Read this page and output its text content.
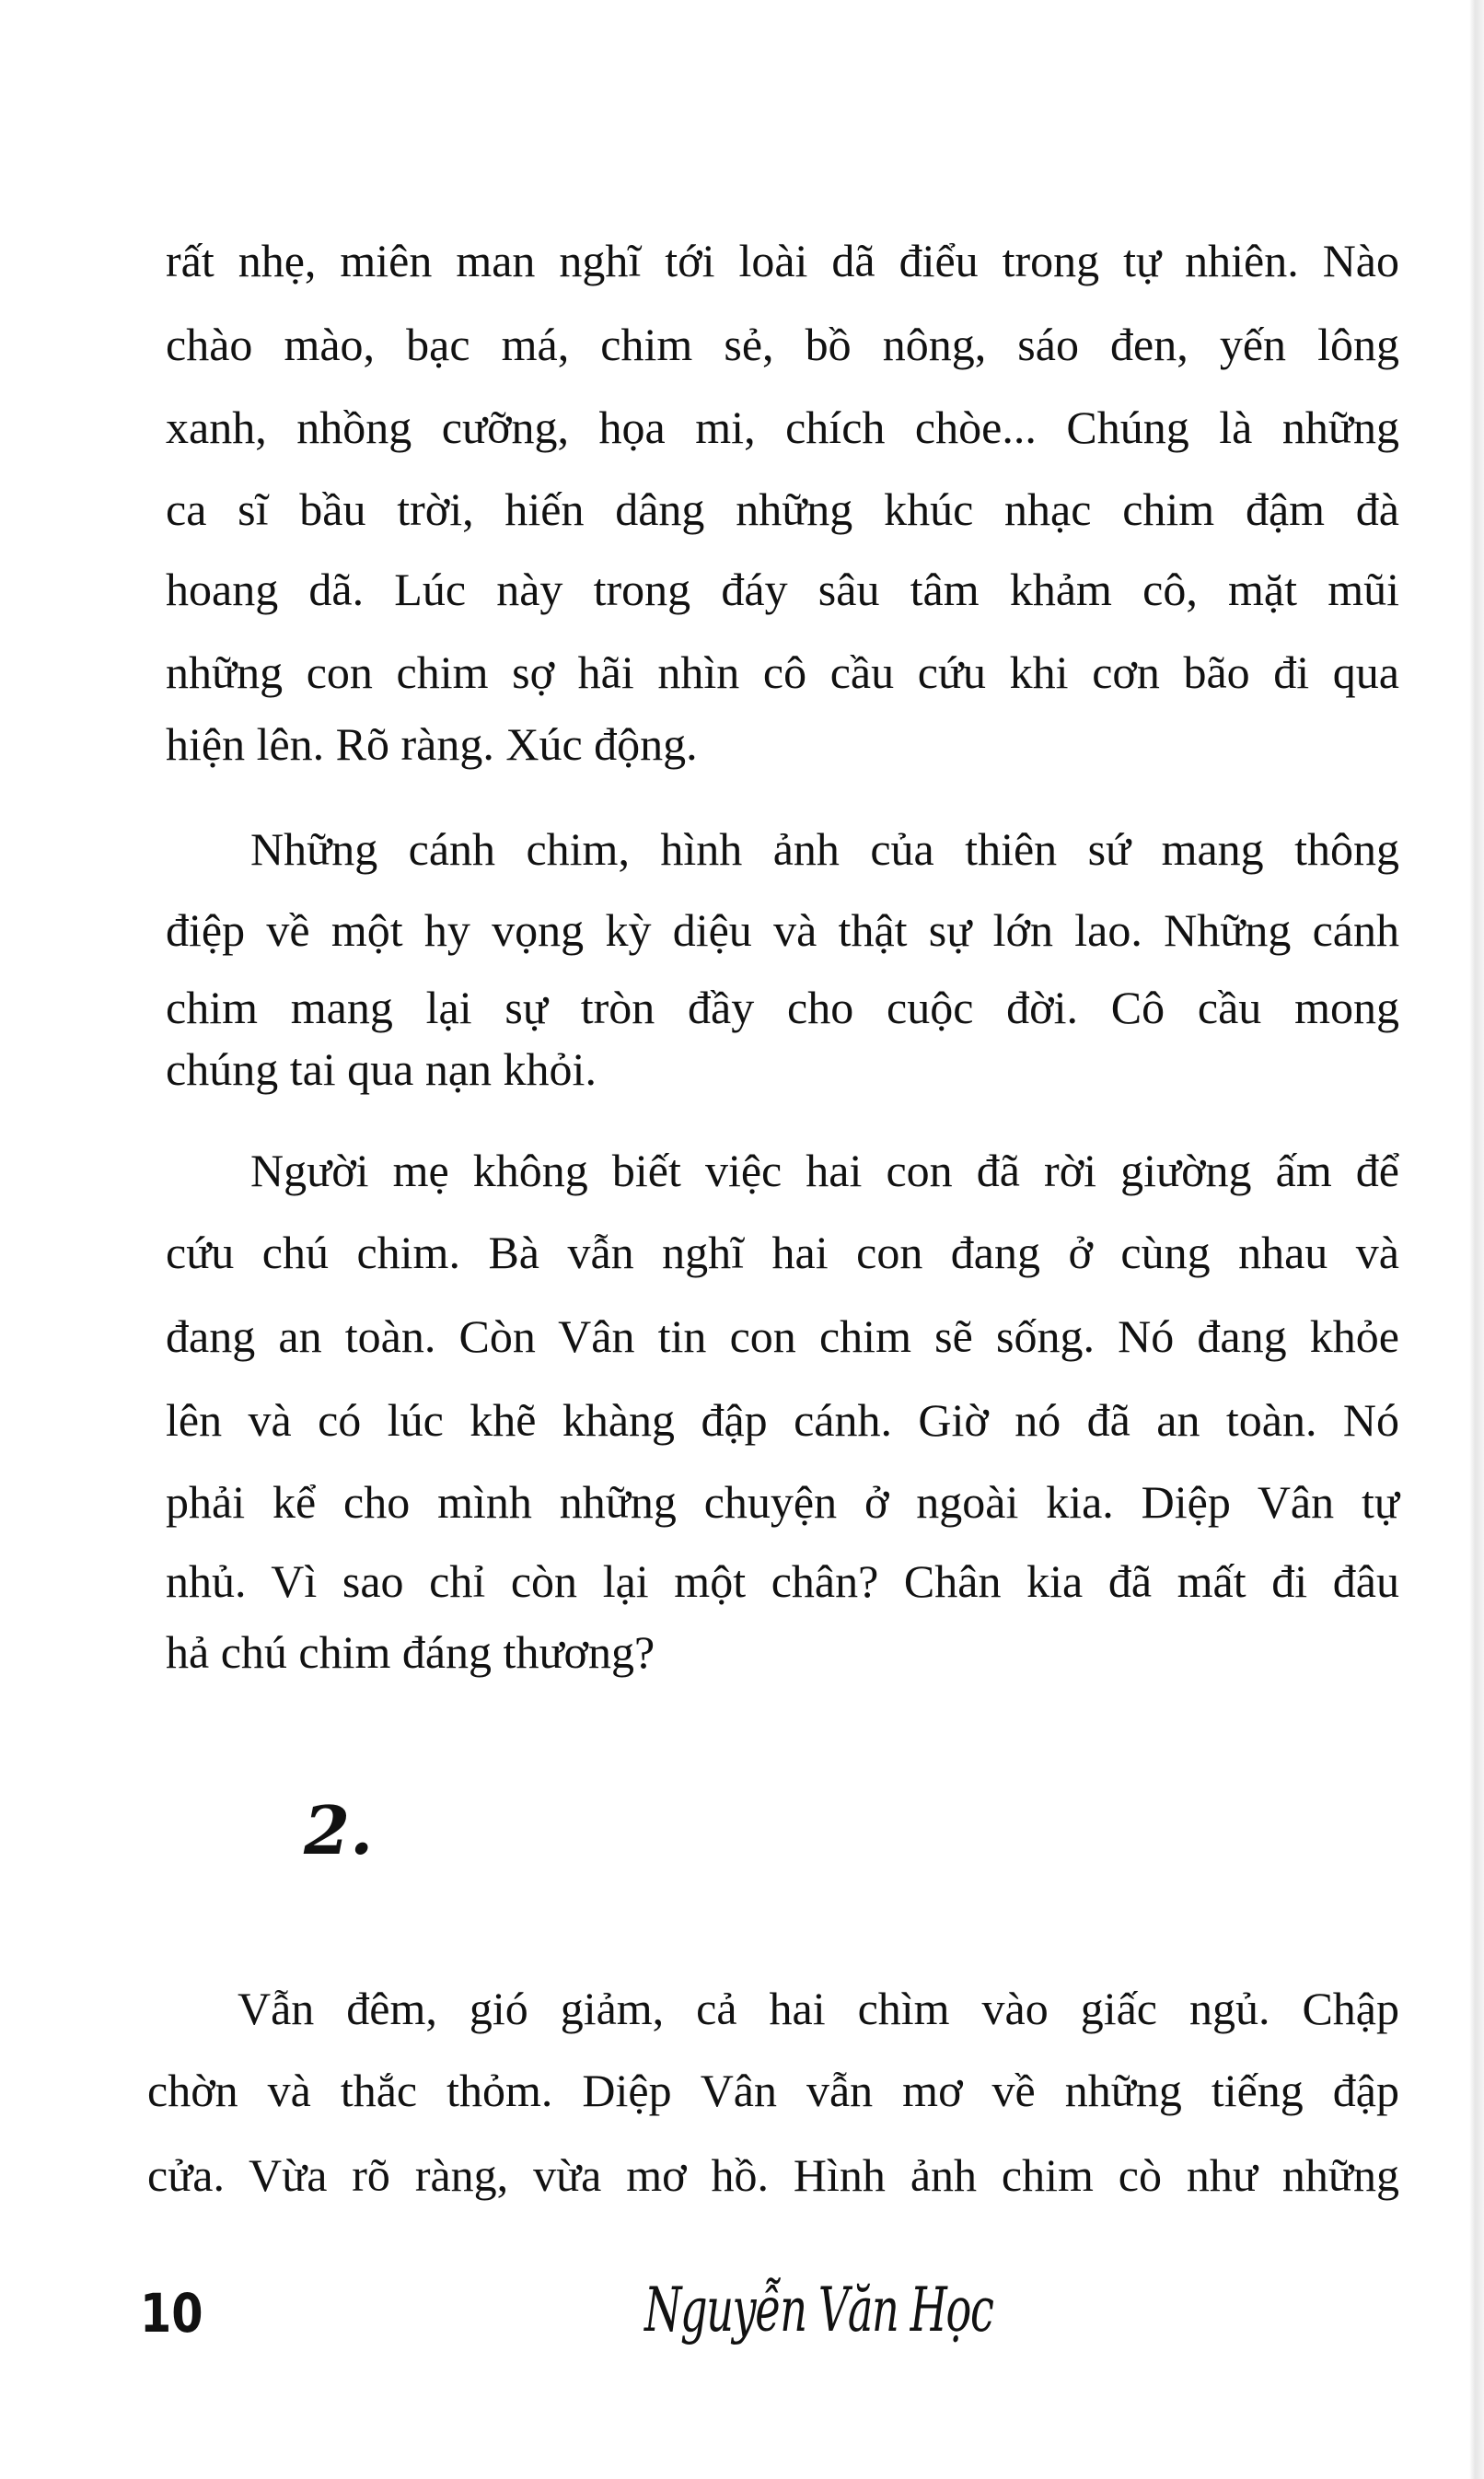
rất nhẹ, miên man nghĩ tới loài dã điểu trong tự nhiên. Nào
chào mào, bạc má, chim sẻ, bồ nông, sáo đen, yến lông
xanh, nhồng cưỡng, họa mi, chích chòe... Chúng là những
ca sĩ bầu trời, hiến dâng những khúc nhạc chim đậm đà
hoang dã. Lúc này trong đáy sâu tâm khảm cô, mặt mũi
những con chim sợ hãi nhìn cô cầu cứu khi cơn bão đi qua
hiện lên. Rõ ràng. Xúc động.
Những cánh chim, hình ảnh của thiên sứ mang thông
điệp về một hy vọng kỳ diệu và thật sự lớn lao. Những cánh
chim mang lại sự tròn đầy cho cuộc đời. Cô cầu mong
chúng tai qua nạn khỏi.
Người mẹ không biết việc hai con đã rời giường ấm để
cứu chú chim. Bà vẫn nghĩ hai con đang ở cùng nhau và
đang an toàn. Còn Vân tin con chim sẽ sống. Nó đang khỏe
lên và có lúc khẽ khàng đập cánh. Giờ nó đã an toàn. Nó
phải kể cho mình những chuyện ở ngoài kia. Diệp Vân tự
nhủ. Vì sao chỉ còn lại một chân? Chân kia đã mất đi đâu
hả chú chim đáng thương?
2.
Vẫn đêm, gió giảm, cả hai chìm vào giấc ngủ. Chập
chờn và thắc thỏm. Diệp Vân vẫn mơ về những tiếng đập
cửa. Vừa rõ ràng, vừa mơ hồ. Hình ảnh chim cò như những
10	Nguyễn Văn Học
